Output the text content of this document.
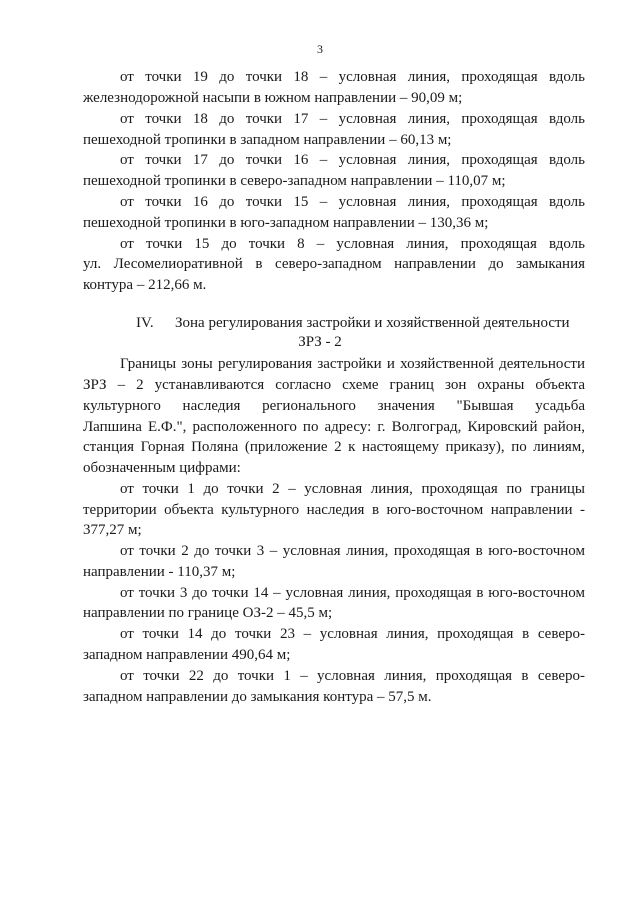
3
от точки 19 до точки 18 – условная линия, проходящая вдоль
железнодорожной насыпи в южном направлении – 90,09 м;
от точки 18 до точки 17 – условная линия, проходящая вдоль
пешеходной тропинки в западном направлении – 60,13 м;
от точки 17 до точки 16 – условная линия, проходящая вдоль
пешеходной тропинки в северо-западном направлении – 110,07 м;
от точки 16 до точки 15 – условная линия, проходящая вдоль
пешеходной тропинки в юго-западном направлении – 130,36 м;
от точки 15 до точки 8 – условная линия, проходящая вдоль
ул. Лесомелиоративной в северо-западном направлении до замыкания
контура – 212,66 м.
IV. Зона регулирования застройки и хозяйственной деятельности
ЗРЗ - 2
Границы зоны регулирования застройки и хозяйственной деятельности
ЗРЗ – 2 устанавливаются согласно схеме границ зон охраны объекта
культурного наследия регионального значения "Бывшая усадьба
Лапшина Е.Ф.", расположенного по адресу: г. Волгоград, Кировский район,
станция Горная Поляна (приложение 2 к настоящему приказу), по линиям,
обозначенным цифрами:
от точки 1 до точки 2 – условная линия, проходящая по границы
территории объекта культурного наследия в юго-восточном направлении -
377,27 м;
от точки 2 до точки 3 – условная линия, проходящая в юго-восточном
направлении - 110,37 м;
от точки 3 до точки 14 – условная линия, проходящая в юго-восточном
направлении по границе ОЗ-2 – 45,5 м;
от точки 14 до точки 23 – условная линия, проходящая в северо-
западном направлении 490,64 м;
от точки 22 до точки 1 – условная линия, проходящая в северо-
западном направлении до замыкания контура – 57,5 м.
